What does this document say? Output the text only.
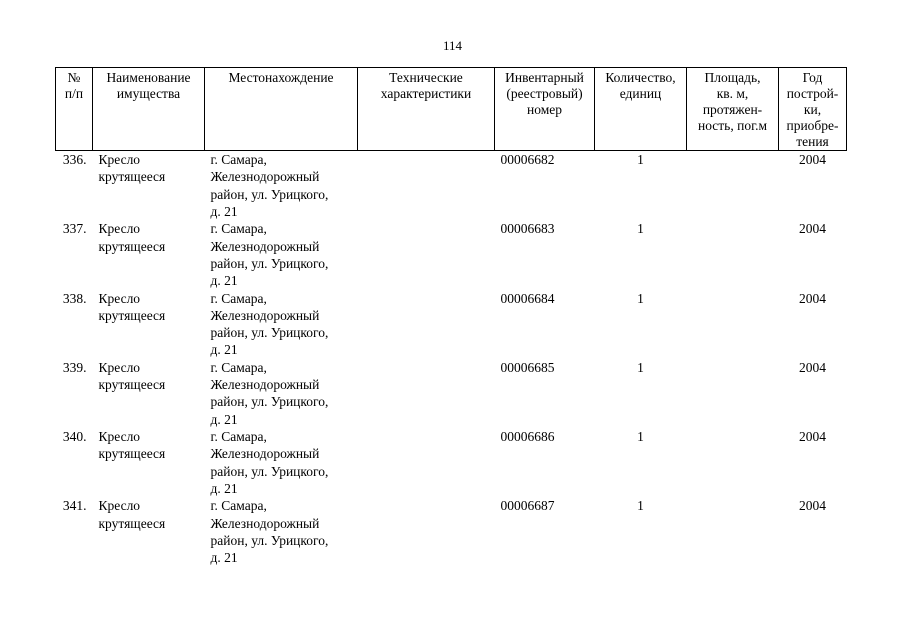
114
№
п/п	Наименование
имущества	Местонахождение	Технические
характеристики	Инвентарный
(реестровый)
номер	Количество,
единиц	Площадь,
кв. м,
протяжен-
ность, пог.м	Год
построй-
ки,
приобре-
тения

336.	Кресло
крутящееся	г. Самара,
Железнодорожный
район, ул. Урицкого,
д. 21		00006682	1		2004
337.	Кресло
крутящееся	г. Самара,
Железнодорожный
район, ул. Урицкого,
д. 21		00006683	1		2004
338.	Кресло
крутящееся	г. Самара,
Железнодорожный
район, ул. Урицкого,
д. 21		00006684	1		2004
339.	Кресло
крутящееся	г. Самара,
Железнодорожный
район, ул. Урицкого,
д. 21		00006685	1		2004
340.	Кресло
крутящееся	г. Самара,
Железнодорожный
район, ул. Урицкого,
д. 21		00006686	1		2004
341.	Кресло
крутящееся	г. Самара,
Железнодорожный
район, ул. Урицкого,
д. 21		00006687	1		2004
